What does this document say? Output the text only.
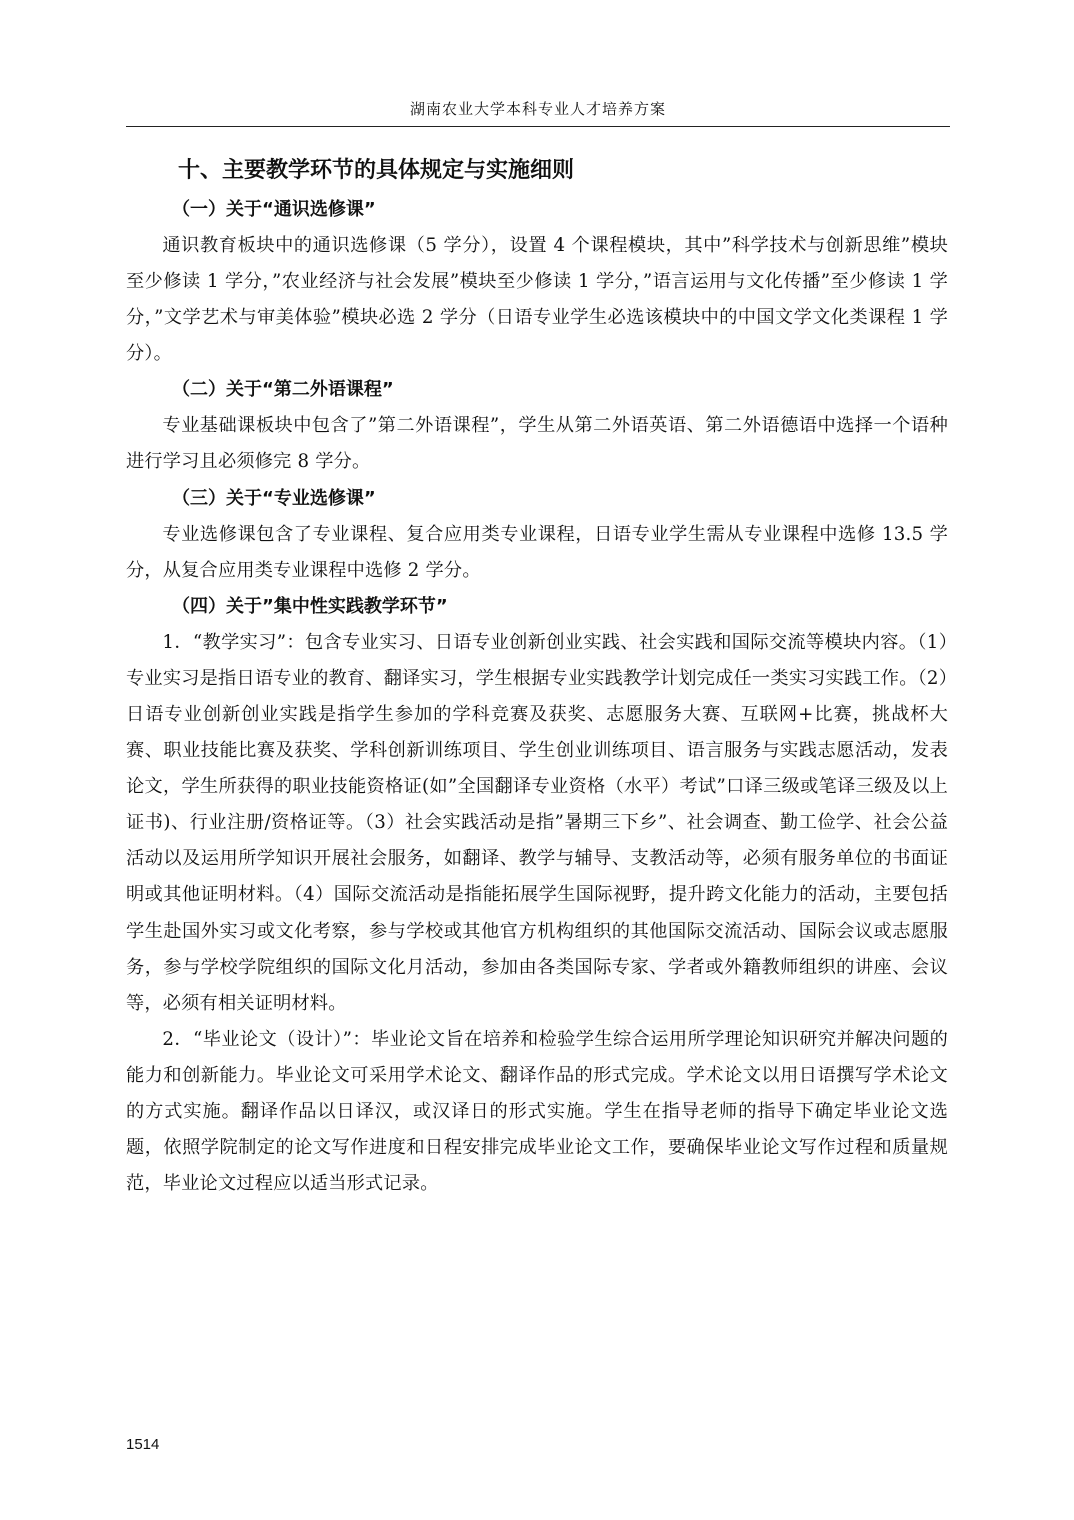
湖南农业大学本科专业人才培养方案
十、主要教学环节的具体规定与实施细则
（一）关于“通识选修课”

通识教育板块中的通识选修课（5 学分），设置 4 个课程模块，其中”科学技术与创新思维”模块至少修读 1 学分，”农业经济与社会发展”模块至少修读 1 学分，”语言运用与文化传播”至少修读 1 学分，”文学艺术与审美体验”模块必选 2 学分（日语专业学生必选该模块中的中国文学文化类课程 1 学分）。

（二）关于“第二外语课程”

专业基础课板块中包含了”第二外语课程”，学生从第二外语英语、第二外语德语中选择一个语种进行学习且必须修完 8 学分。

（三）关于“专业选修课”

专业选修课包含了专业课程、复合应用类专业课程，日语专业学生需从专业课程中选修 13.5 学分，从复合应用类专业课程中选修 2 学分。

（四）关于”集中性实践教学环节”

1．“教学实习”：包含专业实习、日语专业创新创业实践、社会实践和国际交流等模块内容。（1）专业实习是指日语专业的教育、翻译实习，学生根据专业实践教学计划完成任一类实习实践工作。（2）日语专业创新创业实践是指学生参加的学科竞赛及获奖、志愿服务大赛、互联网+比赛，挑战杯大赛、职业技能比赛及获奖、学科创新训练项目、学生创业训练项目、语言服务与实践志愿活动，发表论文，学生所获得的职业技能资格证(如”全国翻译专业资格（水平）考试”口译三级或笔译三级及以上证书)、行业注册/资格证等。（3）社会实践活动是指”暑期三下乡”、社会调查、勤工俭学、社会公益活动以及运用所学知识开展社会服务，如翻译、教学与辅导、支教活动等，必须有服务单位的书面证明或其他证明材料。（4）国际交流活动是指能拓展学生国际视野，提升跨文化能力的活动，主要包括学生赴国外实习或文化考察，参与学校或其他官方机构组织的其他国际交流活动、国际会议或志愿服务，参与学校学院组织的国际文化月活动，参加由各类国际专家、学者或外籍教师组织的讲座、会议等，必须有相关证明材料。

2．“毕业论文（设计）”：毕业论文旨在培养和检验学生综合运用所学理论知识研究并解决问题的能力和创新能力。毕业论文可采用学术论文、翻译作品的形式完成。学术论文以用日语撰写学术论文的方式实施。翻译作品以日译汉，或汉译日的形式实施。学生在指导老师的指导下确定毕业论文选题，依照学院制定的论文写作进度和日程安排完成毕业论文工作，要确保毕业论文写作过程和质量规范，毕业论文过程应以适当形式记录。

1514
